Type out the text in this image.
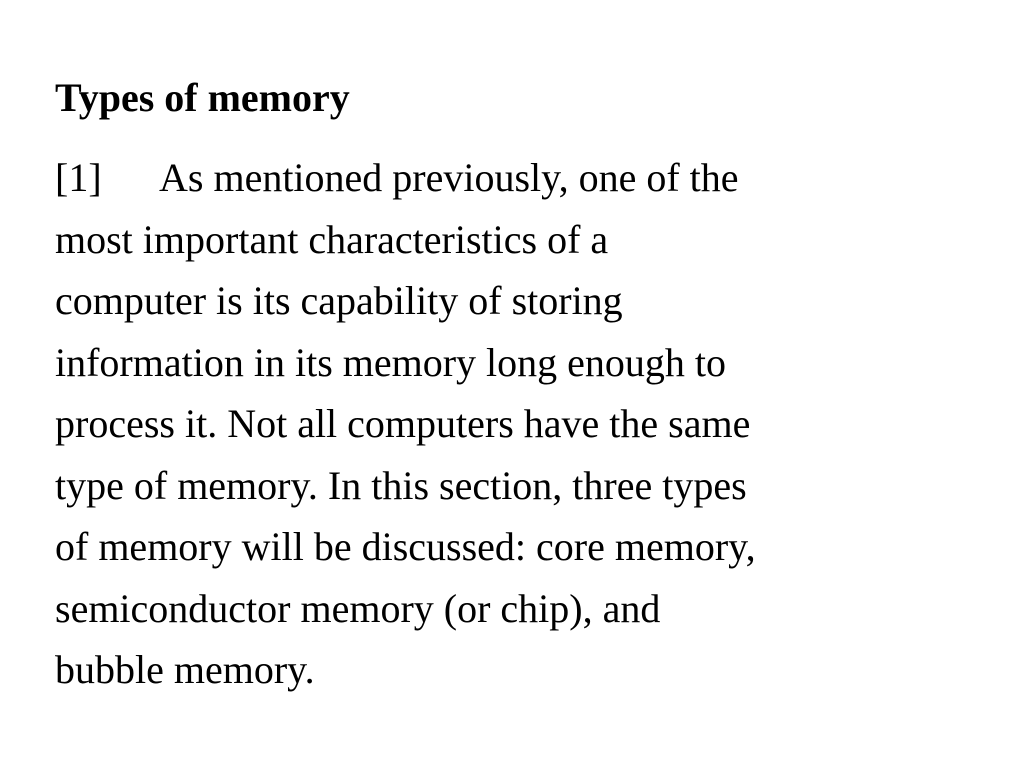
Types of memory

[1] As mentioned previously, one of the
most important characteristics of a
computer is its capability of storing
information in its memory long enough to
process it. Not all computers have the same
type of memory. In this section, three types
of memory will be discussed: core memory,
semiconductor memory (or chip), and
bubble memory.
